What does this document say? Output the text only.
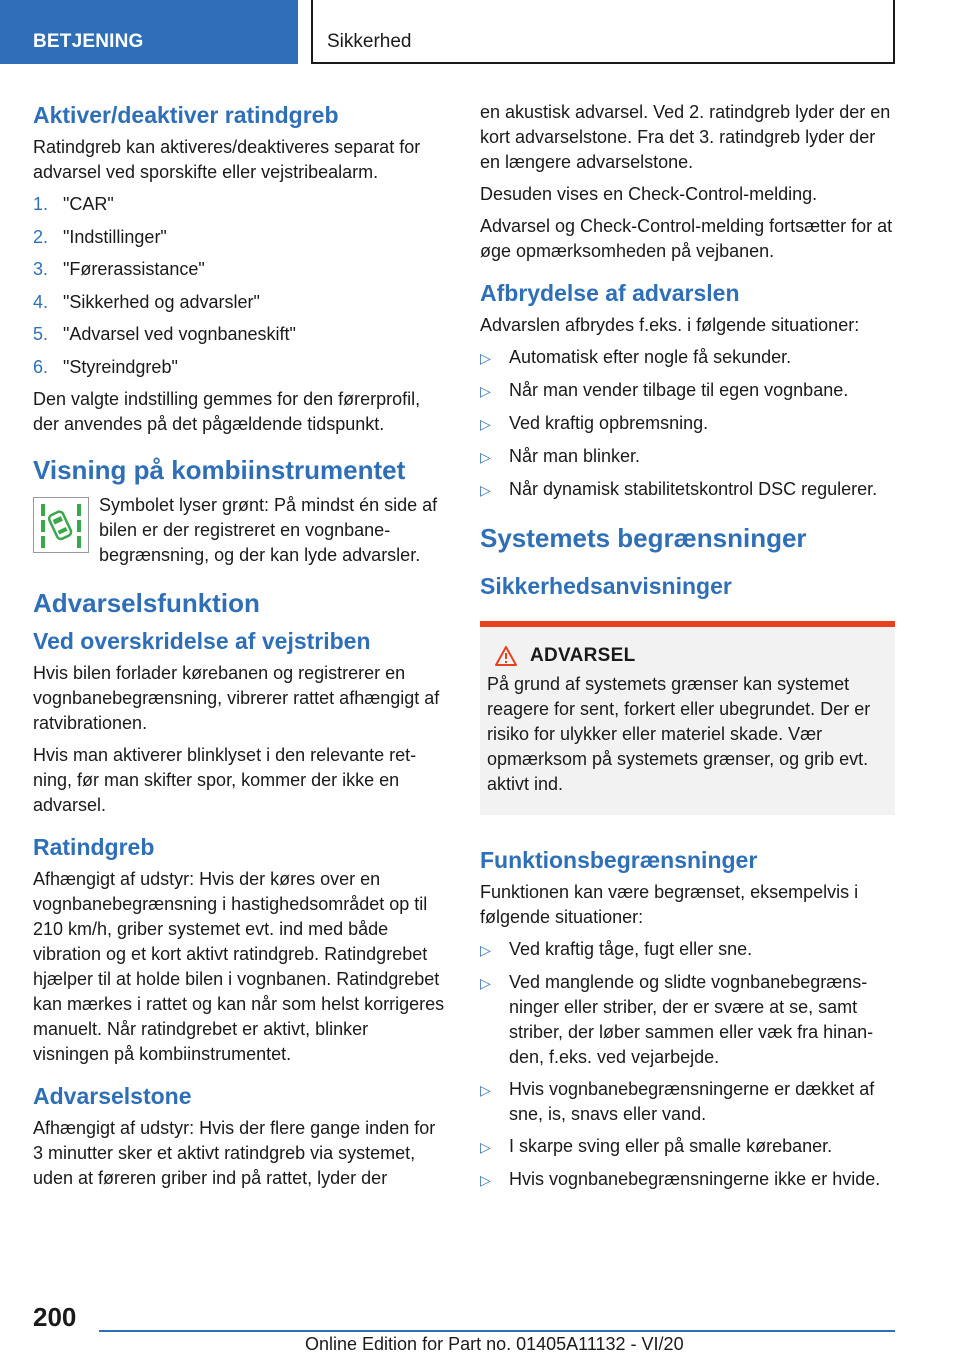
BETJENING	Sikkerhed
Aktiver/deaktiver ratindgreb

Ratindgreb kan aktiveres/deaktiveres separat for advarsel ved sporskifte eller vejstribealarm.

1. "CAR"
2. "Indstillinger"
3. "Førerassistance"
4. "Sikkerhed og advarsler"
5. "Advarsel ved vognbaneskift"
6. "Styreindgreb"

Den valgte indstilling gemmes for den førerprofil, der anvendes på det pågældende tidspunkt.

Visning på kombiinstrumentet

Symbolet lyser grønt: På mindst én side af bilen er der registreret en vognbanebegrænsning, og der kan lyde advarsler.

Advarselsfunktion
Ved overskridelse af vejstriben

Hvis bilen forlader kørebanen og registrerer en vognbanebegrænsning, vibrerer rattet afhængigt af ratvibrationen.

Hvis man aktiverer blinklyset i den relevante retning, før man skifter spor, kommer der ikke en advarsel.

Ratindgreb

Afhængigt af udstyr: Hvis der køres over en vognbanebegrænsning i hastighedsområdet op til 210 km/h, griber systemet evt. ind med både vibration og et kort aktivt ratindgreb. Ratindgrebet hjælper til at holde bilen i vognbanen. Ratindgrebet kan mærkes i rattet og kan når som helst korrigeres manuelt. Når ratindgrebet er aktivt, blinker visningen på kombiinstrumentet.

Advarselstone

Afhængigt af udstyr: Hvis der flere gange inden for 3 minutter sker et aktivt ratindgreb via systemet, uden at føreren griber ind på rattet, lyder der

en akustisk advarsel. Ved 2. ratindgreb lyder der en kort advarselstone. Fra det 3. ratindgreb lyder der en længere advarselstone.

Desuden vises en Check-Control-melding.

Advarsel og Check-Control-melding fortsætter for at øge opmærksomheden på vejbanen.

Afbrydelse af advarslen

Advarslen afbrydes f.eks. i følgende situationer:

▷	Automatisk efter nogle få sekunder.
▷	Når man vender tilbage til egen vognbane.
▷	Ved kraftig opbremsning.
▷	Når man blinker.
▷	Når dynamisk stabilitetskontrol DSC regulerer.
Systemets begrænsninger
Sikkerhedsanvisninger
ADVARSEL

På grund af systemets grænser kan systemet reagere for sent, forkert eller ubegrundet. Der er risiko for ulykker eller materiel skade. Vær opmærksom på systemets grænser, og grib evt. aktivt ind.

Funktionsbegrænsninger

Funktionen kan være begrænset, eksempelvis i følgende situationer:

▷	Ved kraftig tåge, fugt eller sne.
▷	Ved manglende og slidte vognbanebegrænsninger eller striber, der er svære at se, samt striber, der løber sammen eller væk fra hinanden, f.eks. ved vejarbejde.
▷	Hvis vognbanebegrænsningerne er dækket af sne, is, snavs eller vand.
▷	I skarpe sving eller på smalle kørebaner.
▷	Hvis vognbanebegrænsningerne ikke er hvide.
200
Online Edition for Part no. 01405A11132 - VI/20
